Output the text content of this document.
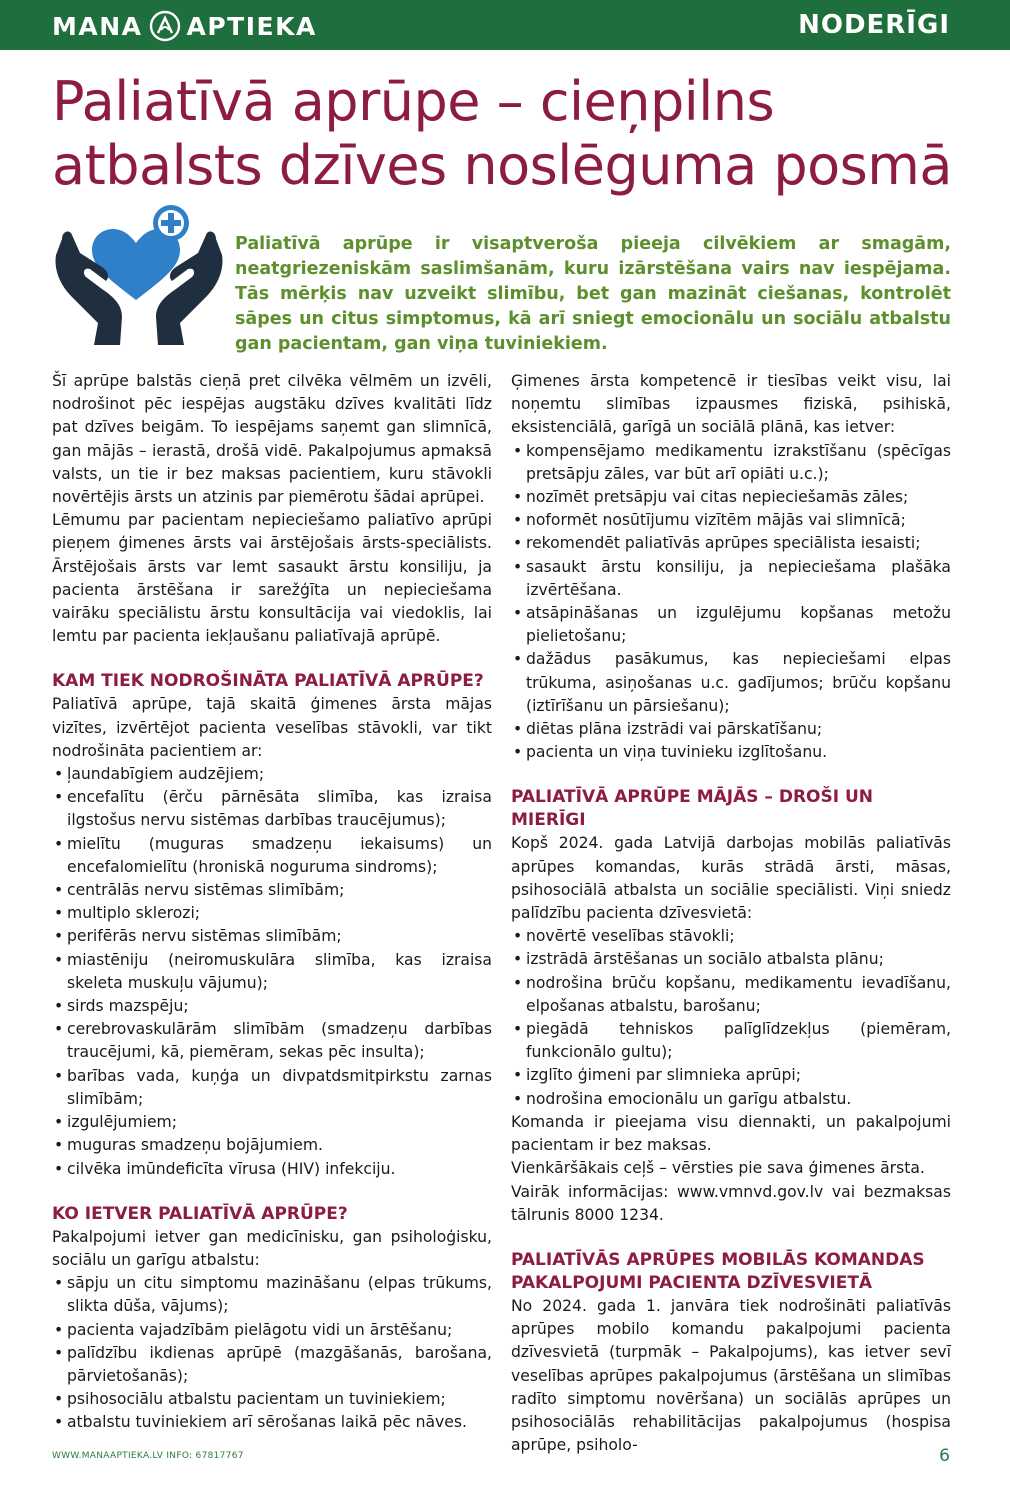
MANA APTIEKA	NODERĪGI
Paliatīvā aprūpe – cieņpilns atbalsts dzīves noslēguma posmā

Paliatīvā aprūpe ir visaptveroša pieeja cilvēkiem ar smagām, neatgriezeniskām saslimšanām, kuru izārstēšana vairs nav iespējama. Tās mērķis nav uzveikt slimību, bet gan mazināt ciešanas, kontrolēt sāpes un citus simptomus, kā arī sniegt emocionālu un sociālu atbalstu gan pacientam, gan viņa tuviniekiem.

Šī aprūpe balstās cieņā pret cilvēka vēlmēm un izvēli, nodrošinot pēc iespējas augstāku dzīves kvalitāti līdz pat dzīves beigām. To iespējams saņemt gan slimnīcā, gan mājās – ierastā, drošā vidē. Pakalpojumus apmaksā valsts, un tie ir bez maksas pacientiem, kuru stāvokli novērtējis ārsts un atzinis par piemērotu šādai aprūpei.

Lēmumu par pacientam nepieciešamo paliatīvo aprūpi pieņem ģimenes ārsts vai ārstējošais ārsts-speciālists. Ārstējošais ārsts var lemt sasaukt ārstu konsiliju, ja pacienta ārstēšana ir sarežģīta un nepieciešama vairāku speciālistu ārstu konsultācija vai viedoklis, lai lemtu par pacienta iekļaušanu paliatīvajā aprūpē.

KAM TIEK NODROŠINĀTA PALIATĪVĀ APRŪPE?

Paliatīvā aprūpe, tajā skaitā ģimenes ārsta mājas vizītes, izvērtējot pacienta veselības stāvokli, var tikt nodrošināta pacientiem ar:

• ļaundabīgiem audzējiem;
• encefalītu (ērču pārnēsāta slimība, kas izraisa ilgstošus nervu sistēmas darbības traucējumus);
• mielītu (muguras smadzeņu iekaisums) un encefalomielītu (hroniskā noguruma sindroms);
• centrālās nervu sistēmas slimībām;
• multiplo sklerozi;
• perifērās nervu sistēmas slimībām;
• miastēniju (neiromuskulāra slimība, kas izraisa skeleta muskuļu vājumu);
• sirds mazspēju;
• cerebrovaskulārām slimībām (smadzeņu darbības traucējumi, kā, piemēram, sekas pēc insulta);
• barības vada, kuņģa un divpatdsmitpirkstu zarnas slimībām;
• izgulējumiem;
• muguras smadzeņu bojājumiem.
• cilvēka imūndeficīta vīrusa (HIV) infekciju.
KO IETVER PALIATĪVĀ APRŪPE?

Pakalpojumi ietver gan medicīnisku, gan psiholoģisku, sociālu un garīgu atbalstu:

• sāpju un citu simptomu mazināšanu (elpas trūkums, slikta dūša, vājums);
• pacienta vajadzībām pielāgotu vidi un ārstēšanu;
• palīdzību ikdienas aprūpē (mazgāšanās, barošana, pārvietošanās);
• psihosociālu atbalstu pacientam un tuviniekiem;
• atbalstu tuviniekiem arī sērošanas laikā pēc nāves.

Ģimenes ārsta kompetencē ir tiesības veikt visu, lai noņemtu slimības izpausmes fiziskā, psihiskā, eksistenciālā, garīgā un sociālā plānā, kas ietver:

• kompensējamo medikamentu izrakstīšanu (spēcīgas pretsāpju zāles, var būt arī opiāti u.c.);
• nozīmēt pretsāpju vai citas nepieciešamās zāles;
• noformēt nosūtījumu vizītēm mājās vai slimnīcā;
• rekomendēt paliatīvās aprūpes speciālista iesaisti;
• sasaukt ārstu konsiliju, ja nepieciešama plašāka izvērtēšana.
• atsāpināšanas un izgulējumu kopšanas metožu pielietošanu;
• dažādus pasākumus, kas nepieciešami elpas trūkuma, asiņošanas u.c. gadījumos; brūču kopšanu (iztīrīšanu un pārsiešanu);
• diētas plāna izstrādi vai pārskatīšanu;
• pacienta un viņa tuvinieku izglītošanu.
PALIATĪVĀ APRŪPE MĀJĀS – DROŠI UN MIERĪGI

Kopš 2024. gada Latvijā darbojas mobilās paliatīvās aprūpes komandas, kurās strādā ārsti, māsas, psihosociālā atbalsta un sociālie speciālisti. Viņi sniedz palīdzību pacienta dzīvesvietā:

• novērtē veselības stāvokli;
• izstrādā ārstēšanas un sociālo atbalsta plānu;
• nodrošina brūču kopšanu, medikamentu ievadīšanu, elpošanas atbalstu, barošanu;
• piegādā tehniskos palīglīdzekļus (piemēram, funkcionālo gultu);
• izglīto ģimeni par slimnieka aprūpi;
• nodrošina emocionālu un garīgu atbalstu.

Komanda ir pieejama visu diennakti, un pakalpojumi pacientam ir bez maksas.

Vienkāršākais ceļš – vērsties pie sava ģimenes ārsta.

Vairāk informācijas: www.vmnvd.gov.lv vai bezmaksas tālrunis 8000 1234.

PALIATĪVĀS APRŪPES MOBILĀS KOMANDAS PAKALPOJUMI PACIENTA DZĪVESVIETĀ

No 2024. gada 1. janvāra tiek nodrošināti paliatīvās aprūpes mobilo komandu pakalpojumi pacienta dzīvesvietā (turpmāk – Pakalpojums), kas ietver sevī veselības aprūpes pakalpojumus (ārstēšana un slimības radīto simptomu novēršana) un sociālās aprūpes un psihosociālās rehabilitācijas pakalpojumus (hospisa aprūpe, psiholo-

WWW.MANAAPTIEKA.LV INFO: 67817767	6
